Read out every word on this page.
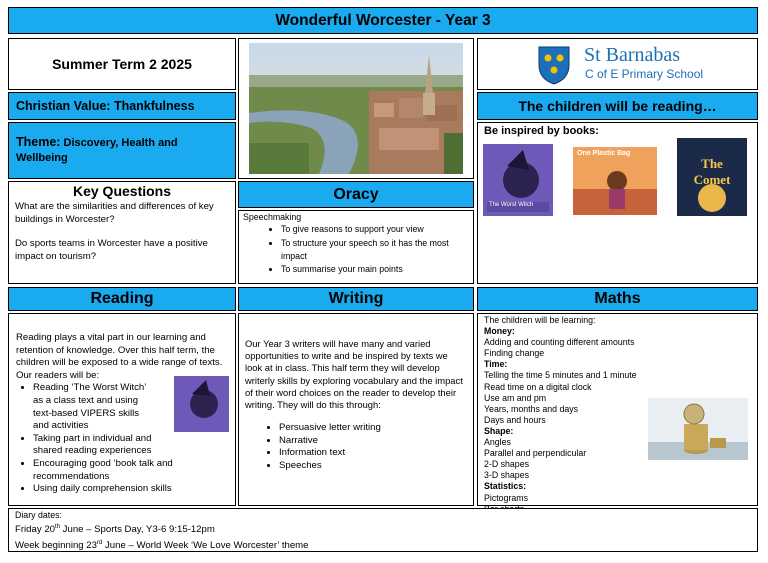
Wonderful Worcester - Year 3
Summer Term 2 2025
Christian Value: Thankfulness
Theme: Discovery, Health and Wellbeing
St Barnabas
C of E Primary School
The children will be reading…
Be inspired by books:
The Worst Witch
One Plastic Bag
The Comet
Key Questions
What are the similarities and differences of key buildings in Worcester?
Do sports teams in Worcester have a positive impact on tourism?
Oracy
Speechmaking
• To give reasons to support your view
• To structure your speech so it has the most impact
• To summarise your main points
Reading	Writing	Maths
Reading plays a vital part in our learning and retention of knowledge. Over this half term, the children will be exposed to a wide range of texts. Our readers will be:
• Reading ‘The Worst Witch’ as a class text and using text-based VIPERS skills and activities
• Taking part in individual and shared reading experiences
• Encouraging good ‘book talk and recommendations
• Using daily comprehension skills
Our Year 3 writers will have many and varied opportunities to write and be inspired by texts we look at in class. This half term they will develop writerly skills by exploring vocabulary and the impact of their word choices on the reader to develop their writing. They will do this through:
• Persuasive letter writing
• Narrative
• Information text
• Speeches
The children will be learning:
Money:
Adding and counting different amounts
Finding change
Time:
Telling the time 5 minutes and 1 minute
Read time on a digital clock
Use am and pm
Years, months and days
Days and hours
Shape:
Angles
Parallel and perpendicular
2-D shapes
3-D shapes
Statistics:
Pictograms
Diary dates:
Friday 20th June – Sports Day, Y3-6 9:15-12pm
Week beginning 23rd June – World Week ‘We Love Worcester’ theme
